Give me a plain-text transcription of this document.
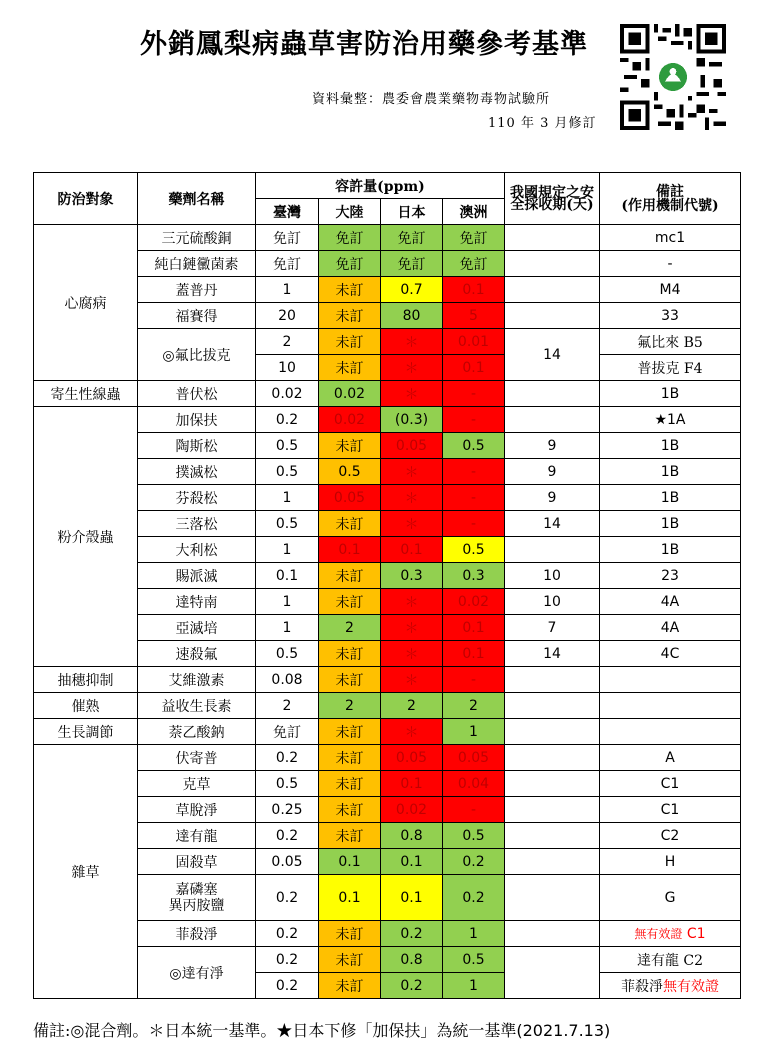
外銷鳳梨病蟲草害防治用藥參考基準
資料彙整：農委會農業藥物毒物試驗所
110 年 3 月修訂
防治對象	藥劑名稱	容許量(ppm)				我國規定之安全採收期(天)	備註
(作用機制代號)
		臺灣	大陸	日本	澳洲		
心腐病	三元硫酸銅	免訂	免訂	免訂	免訂		mc1
	純白鏈黴菌素	免訂	免訂	免訂	免訂		-
	蓋普丹	1	未訂	0.7	0.1		M4
	福賽得	20	未訂	80	5		33
	◎氟比拔克	2	未訂	＊	0.01	14	氟比來 B5
		10	未訂	＊	0.1		普拔克 F4
寄生性線蟲	普伏松	0.02	0.02	＊	-		1B
粉介殼蟲	加保扶	0.2	0.02	(0.3)	-		★1A
	陶斯松	0.5	未訂	0.05	0.5	9	1B
	撲滅松	0.5	0.5	＊	-	9	1B
	芬殺松	1	0.05	＊	-	9	1B
	三落松	0.5	未訂	＊	-	14	1B
	大利松	1	0.1	0.1	0.5		1B
	賜派滅	0.1	未訂	0.3	0.3	10	23
	達特南	1	未訂	＊	0.02	10	4A
	亞滅培	1	2	＊	0.1	7	4A
	速殺氟	0.5	未訂	＊	0.1	14	4C
抽穗抑制	艾維激素	0.08	未訂	＊	-		
催熟	益收生長素	2	2	2	2		
生長調節	萘乙酸鈉	免訂	未訂	＊	1		
雜草	伏寄普	0.2	未訂	0.05	0.05		A
	克草	0.5	未訂	0.1	0.04		C1
	草脫淨	0.25	未訂	0.02	-		C1
	達有龍	0.2	未訂	0.8	0.5		C2
	固殺草	0.05	0.1	0.1	0.2		H
	嘉磷塞
異丙胺鹽	0.2	0.1	0.1	0.2		G
	菲殺淨	0.2	未訂	0.2	1		無有效證 C1
	◎達有淨	0.2	未訂	0.8	0.5		達有龍 C2
		0.2	未訂	0.2	1		菲殺淨無有效證
備註:◎混合劑。＊日本統一基準。★日本下修「加保扶」為統一基準(2021.7.13)
